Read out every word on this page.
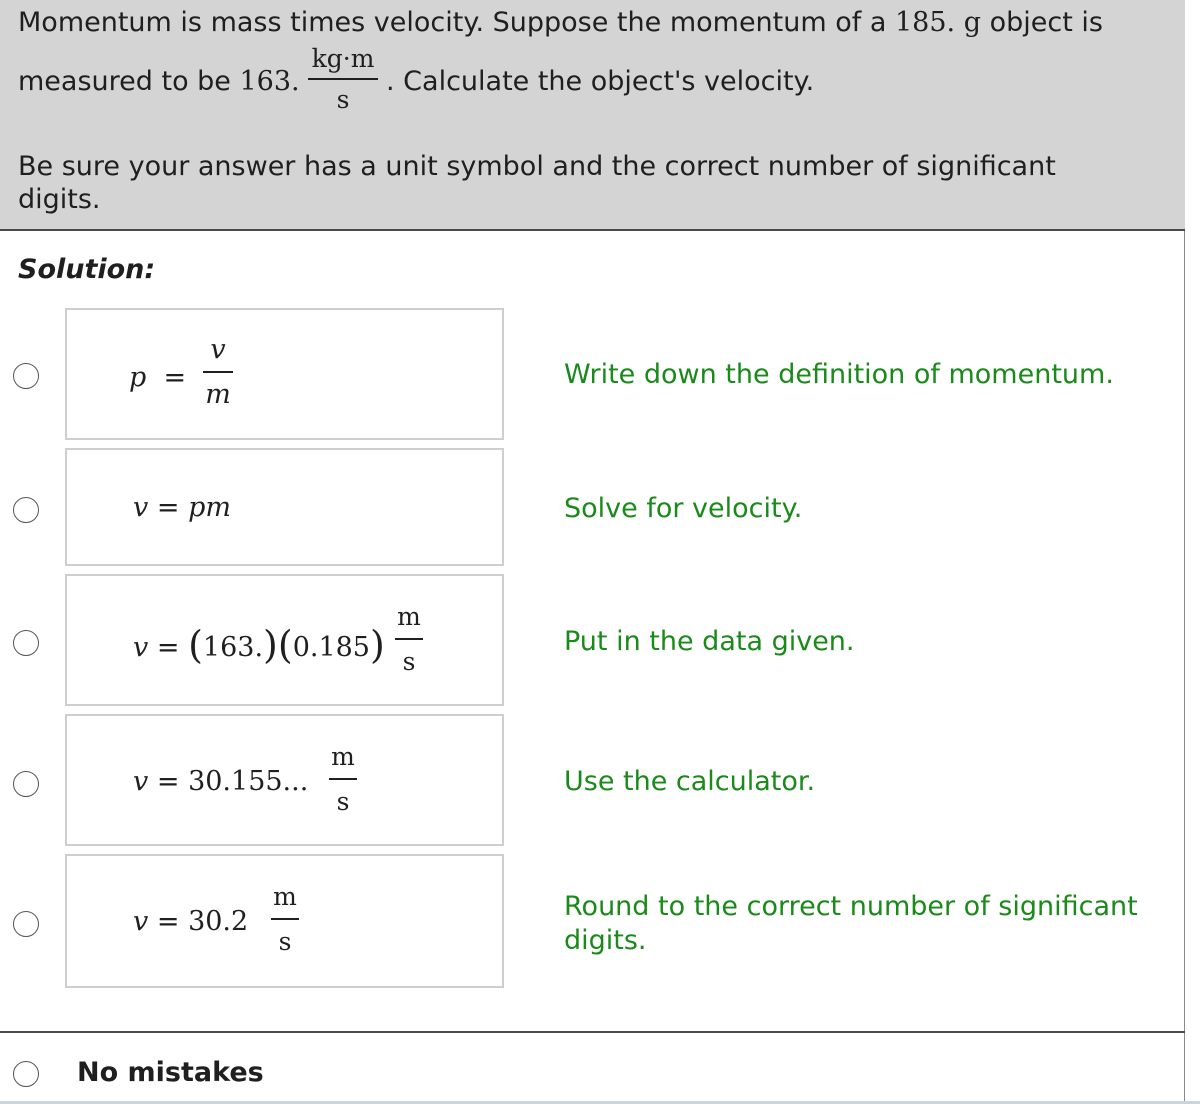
Momentum is mass times velocity. Suppose the momentum of a 185. g object is
measured to be 163.
kg·m
s
. Calculate the object's velocity.
Be sure your answer has a unit symbol and the correct number of significant
digits.
Solution:
p =
v
m
Write down the definition of momentum.
v = pm	Solve for velocity.
v = (163.)(0.185)
m
s
Put in the data given.
v = 30.155...
m
s
Use the calculator.
v = 30.2
m
s
Round to the correct number of significant
digits.
No mistakes
